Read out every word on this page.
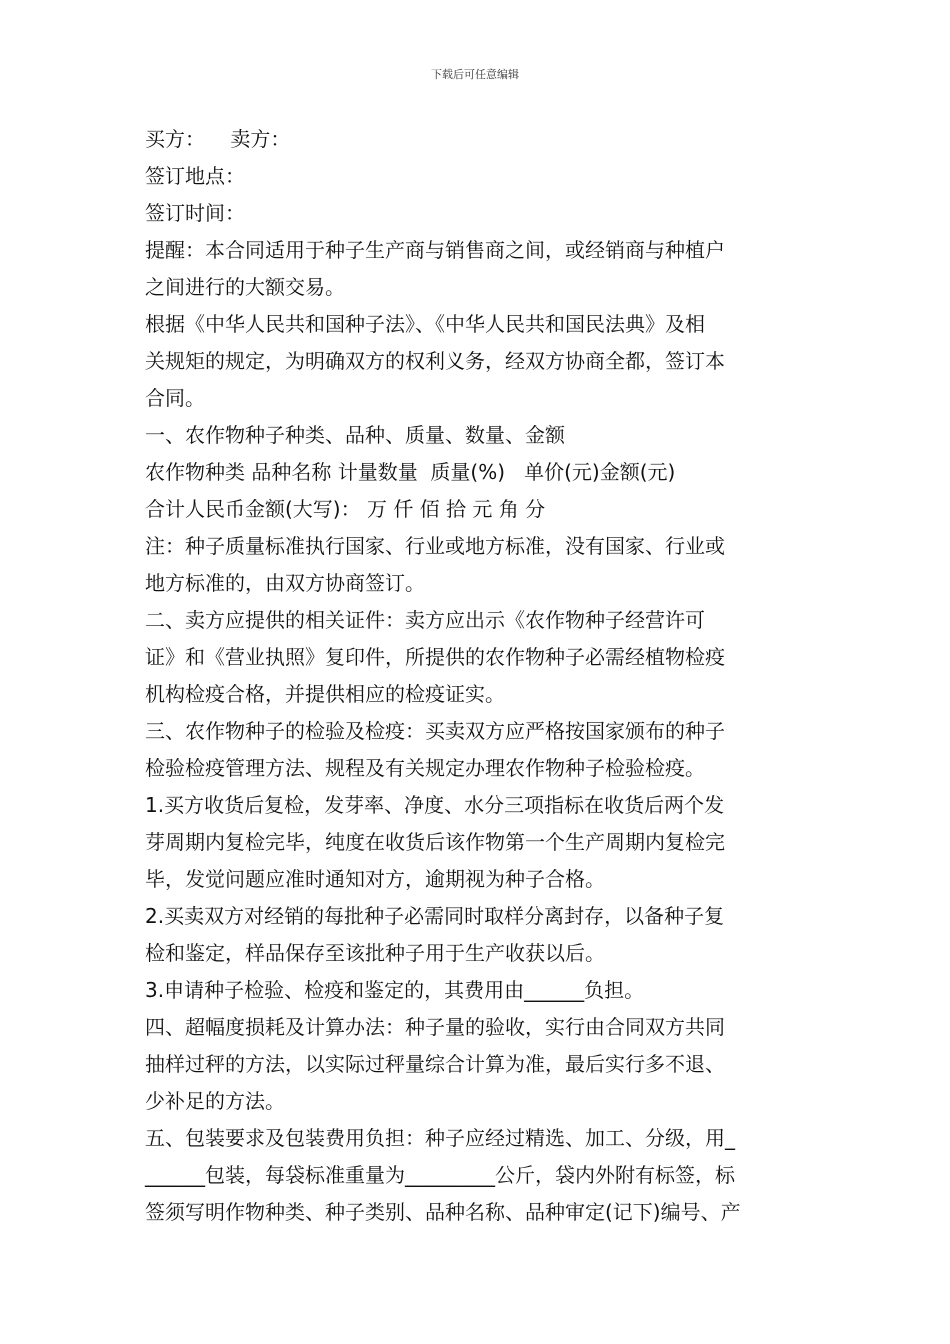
下载后可任意编辑
买方：    卖方：
签订地点：
签订时间：
提醒：本合同适用于种子生产商与销售商之间，或经销商与种植户
之间进行的大额交易。
根据《中华人民共和国种子法》、《中华人民共和国民法典》及相
关规矩的规定，为明确双方的权利义务，经双方协商全都，签订本
合同。
一、农作物种子种类、品种、质量、数量、金额
农作物种类 品种名称 计量数量  质量(%)   单价(元)金额(元)
合计人民币金额(大写)： 万 仟 佰 拾 元 角 分
注：种子质量标准执行国家、行业或地方标准，没有国家、行业或
地方标准的，由双方协商签订。
二、卖方应提供的相关证件：卖方应出示《农作物种子经营许可
证》和《营业执照》复印件，所提供的农作物种子必需经植物检疫
机构检疫合格，并提供相应的检疫证实。
三、农作物种子的检验及检疫：买卖双方应严格按国家颁布的种子
检验检疫管理方法、规程及有关规定办理农作物种子检验检疫。
1.买方收货后复检，发芽率、净度、水分三项指标在收货后两个发
芽周期内复检完毕，纯度在收货后该作物第一个生产周期内复检完
毕，发觉问题应准时通知对方，逾期视为种子合格。
2.买卖双方对经销的每批种子必需同时取样分离封存，以备种子复
检和鉴定，样品保存至该批种子用于生产收获以后。
3.申请种子检验、检疫和鉴定的，其费用由______负担。
四、超幅度损耗及计算办法：种子量的验收，实行由合同双方共同
抽样过秤的方法，以实际过秤量综合计算为准，最后实行多不退、
少补足的方法。
五、包装要求及包装费用负担：种子应经过精选、加工、分级，用_
______包装，每袋标准重量为_________公斤，袋内外附有标签，标
签须写明作物种类、种子类别、品种名称、品种审定(记下)编号、产
